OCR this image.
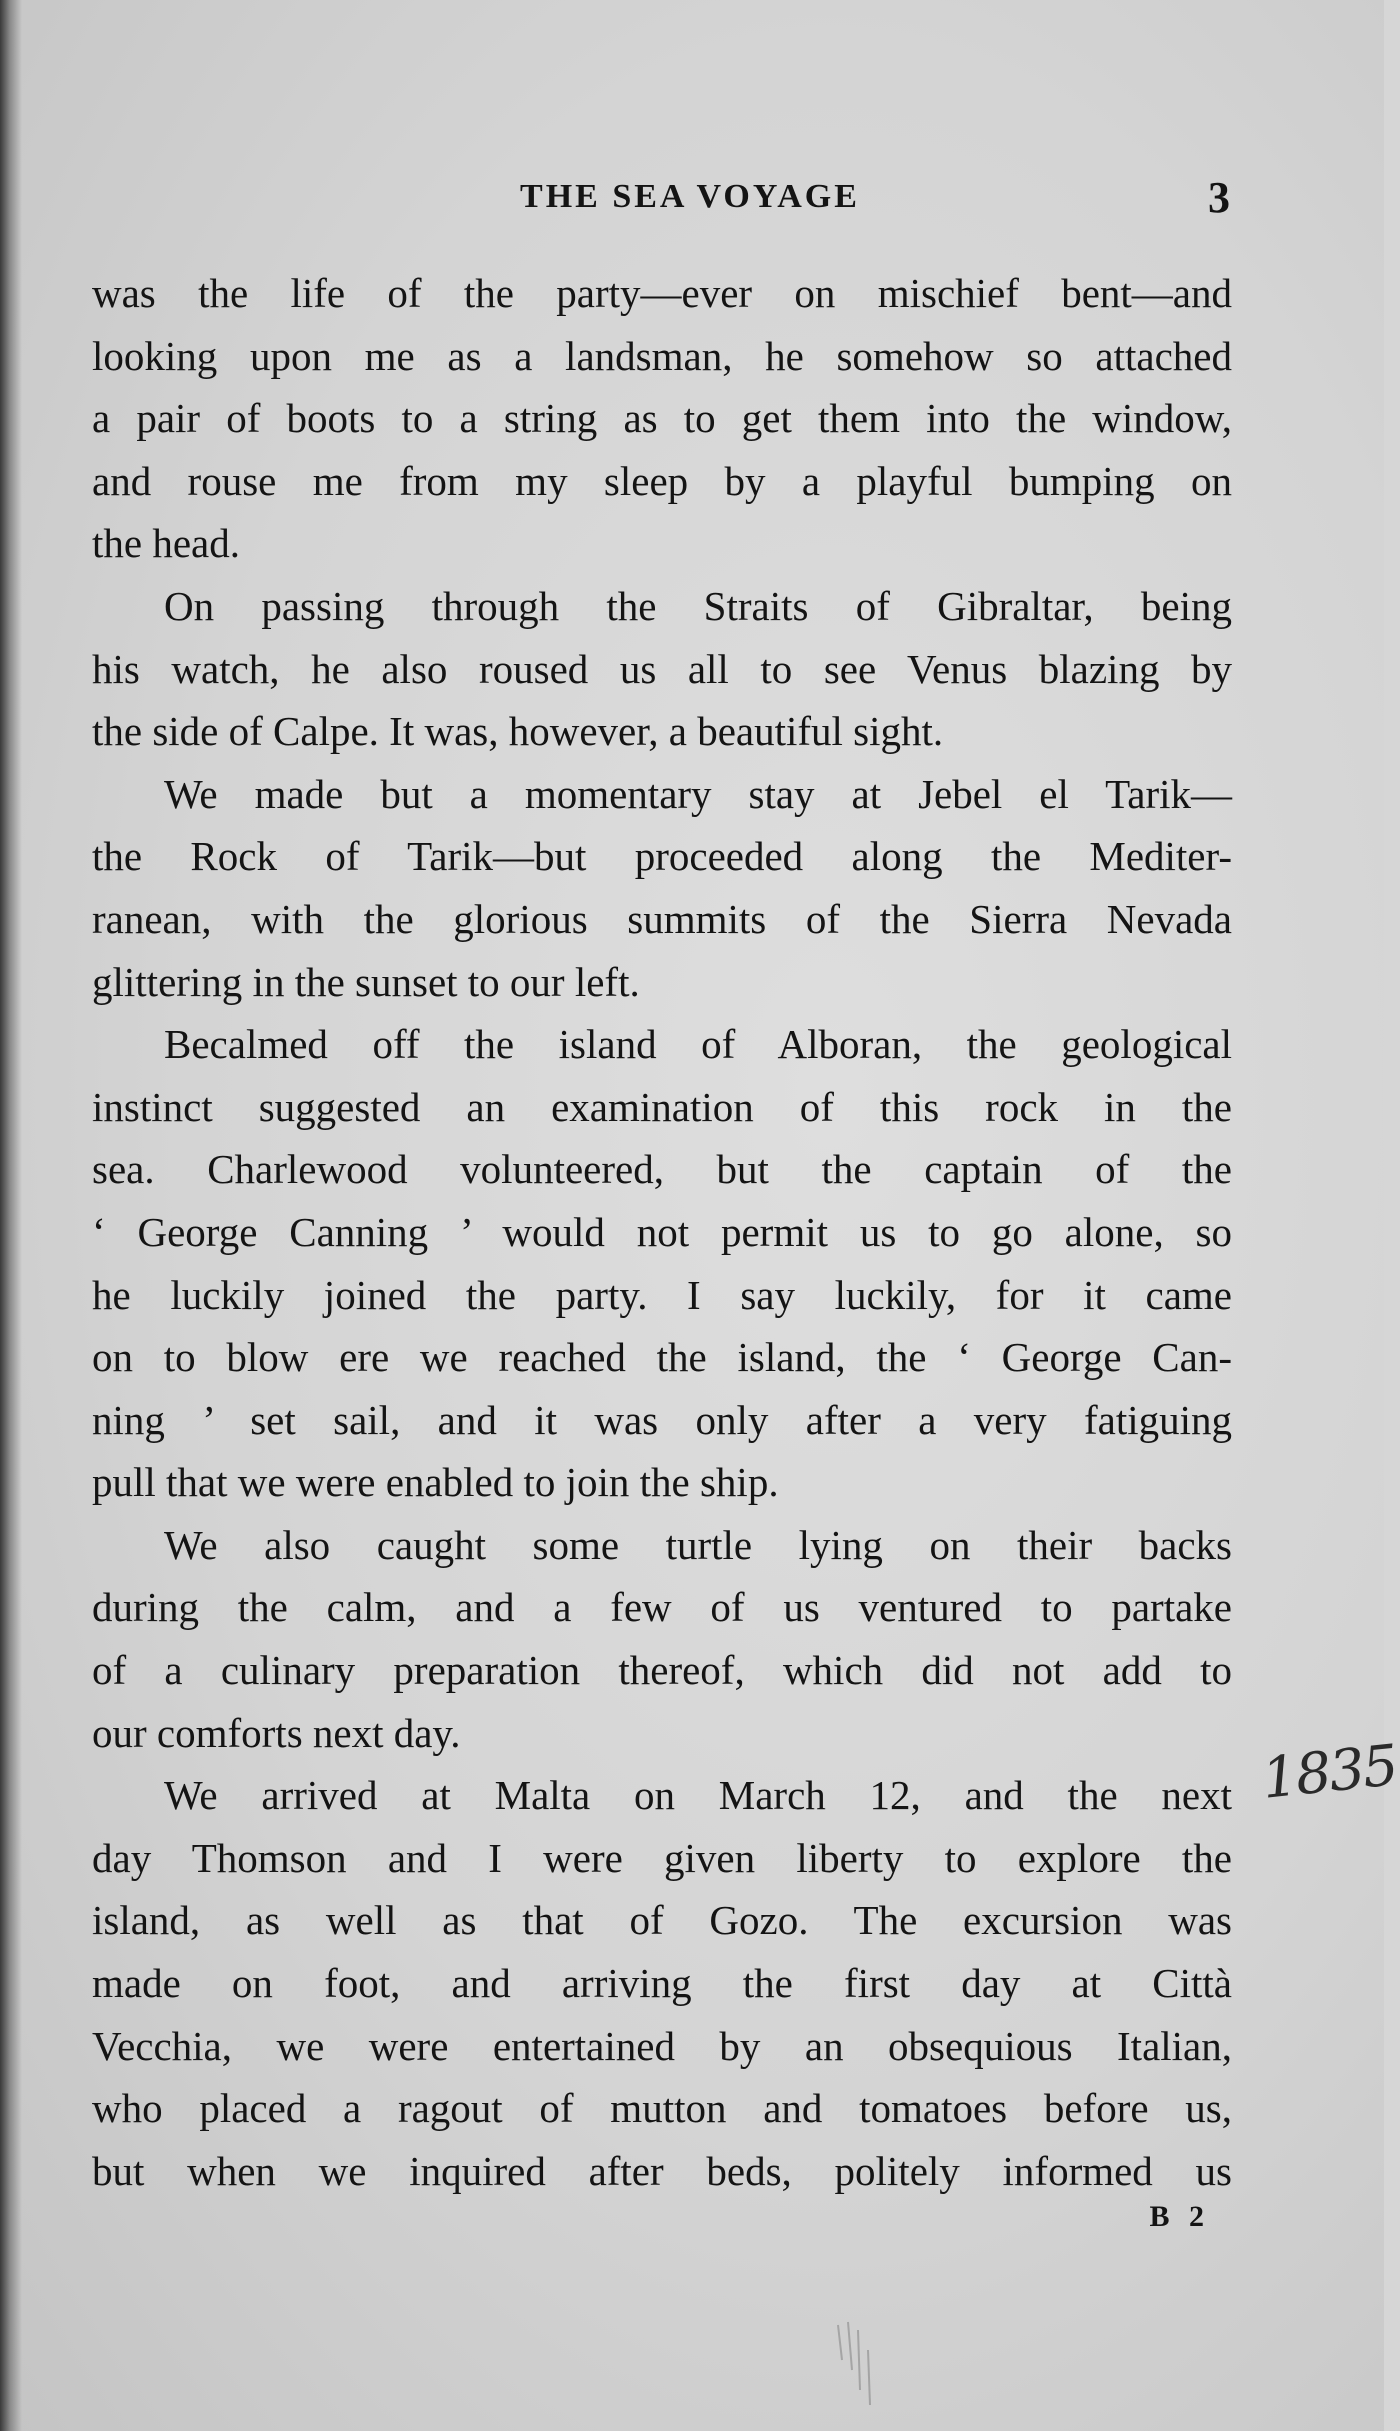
THE SEA VOYAGE	3
was the life of the party—ever on mischief bent—and
looking upon me as a landsman, he somehow so attached
a pair of boots to a string as to get them into the window,
and rouse me from my sleep by a playful bumping on
the head.
On passing through the Straits of Gibraltar, being
his watch, he also roused us all to see Venus blazing by
the side of Calpe. It was, however, a beautiful sight.
We made but a momentary stay at Jebel el Tarik—
the Rock of Tarik—but proceeded along the Mediter-
ranean, with the glorious summits of the Sierra Nevada
glittering in the sunset to our left.
Becalmed off the island of Alboran, the geological
instinct suggested an examination of this rock in the
sea. Charlewood volunteered, but the captain of the
‘ George Canning ’ would not permit us to go alone, so
he luckily joined the party. I say luckily, for it came
on to blow ere we reached the island, the ‘ George Can-
ning ’ set sail, and it was only after a very fatiguing
pull that we were enabled to join the ship.
We also caught some turtle lying on their backs
during the calm, and a few of us ventured to partake
of a culinary preparation thereof, which did not add to
our comforts next day.
We arrived at Malta on March 12, and the next
day Thomson and I were given liberty to explore the
island, as well as that of Gozo. The excursion was
made on foot, and arriving the first day at Città
Vecchia, we were entertained by an obsequious Italian,
who placed a ragout of mutton and tomatoes before us,
but when we inquired after beds, politely informed us
B 2
1835
